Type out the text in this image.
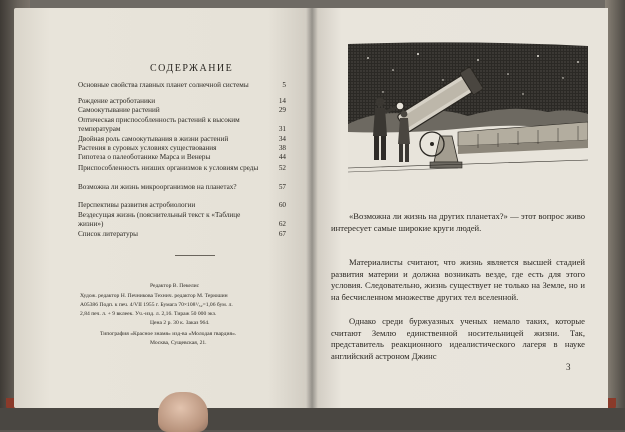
СОДЕРЖАНИЕ
Основные свойства главных планет солнечной системы	5
Рождение астроботаники	14
Самоокутывание растений	29
Оптическая приспособленность растений к высоким температурам	31
Двойная роль самоокутывания в жизни растений	34
Растения в суровых условиях существования	38
Гипотеза о палеоботанике Марса и Венеры	44
Приспособленность низших организмов к условиям среды	52
Возможна ли жизнь микроорганизмов на планетах?	57
Перспективы развития астробиологии	60
Вездесущая жизнь (пояснительный текст к «Таблице жизни»)	62
Список литературы	67
Редактор В. Пекелис
Худож. редактор Н. Печникова Технич. редактор М. Терюшин
А05386 Подп. к печ. 4/VII 1955 г. Бумага 70×108¹/₃₂=1,06 бум. л.
2,84 печ. л. + 9 вклеек. Уч.-изд. л. 2,16. Тираж 50 000 экз.
Цена 2 р. 30 к. Заказ 964.
Типография «Красное знамя» изд-ва «Молодая гвардия».
Москва, Сущевская, 21.

«Возможна ли жизнь на других планетах?» — этот вопрос живо интересует самые широкие круги людей.

Материалисты считают, что жизнь является высшей стадией развития материи и должна возникать везде, где есть для этого условия. Следовательно, жизнь существует не только на Земле, но и на бесчисленном множестве других тел вселенной.

Однако среди буржуазных ученых немало таких, которые считают Землю единственной носительницей жизни. Так, представитель реакционного идеалистического лагеря в науке английский астроном Джинс

3
